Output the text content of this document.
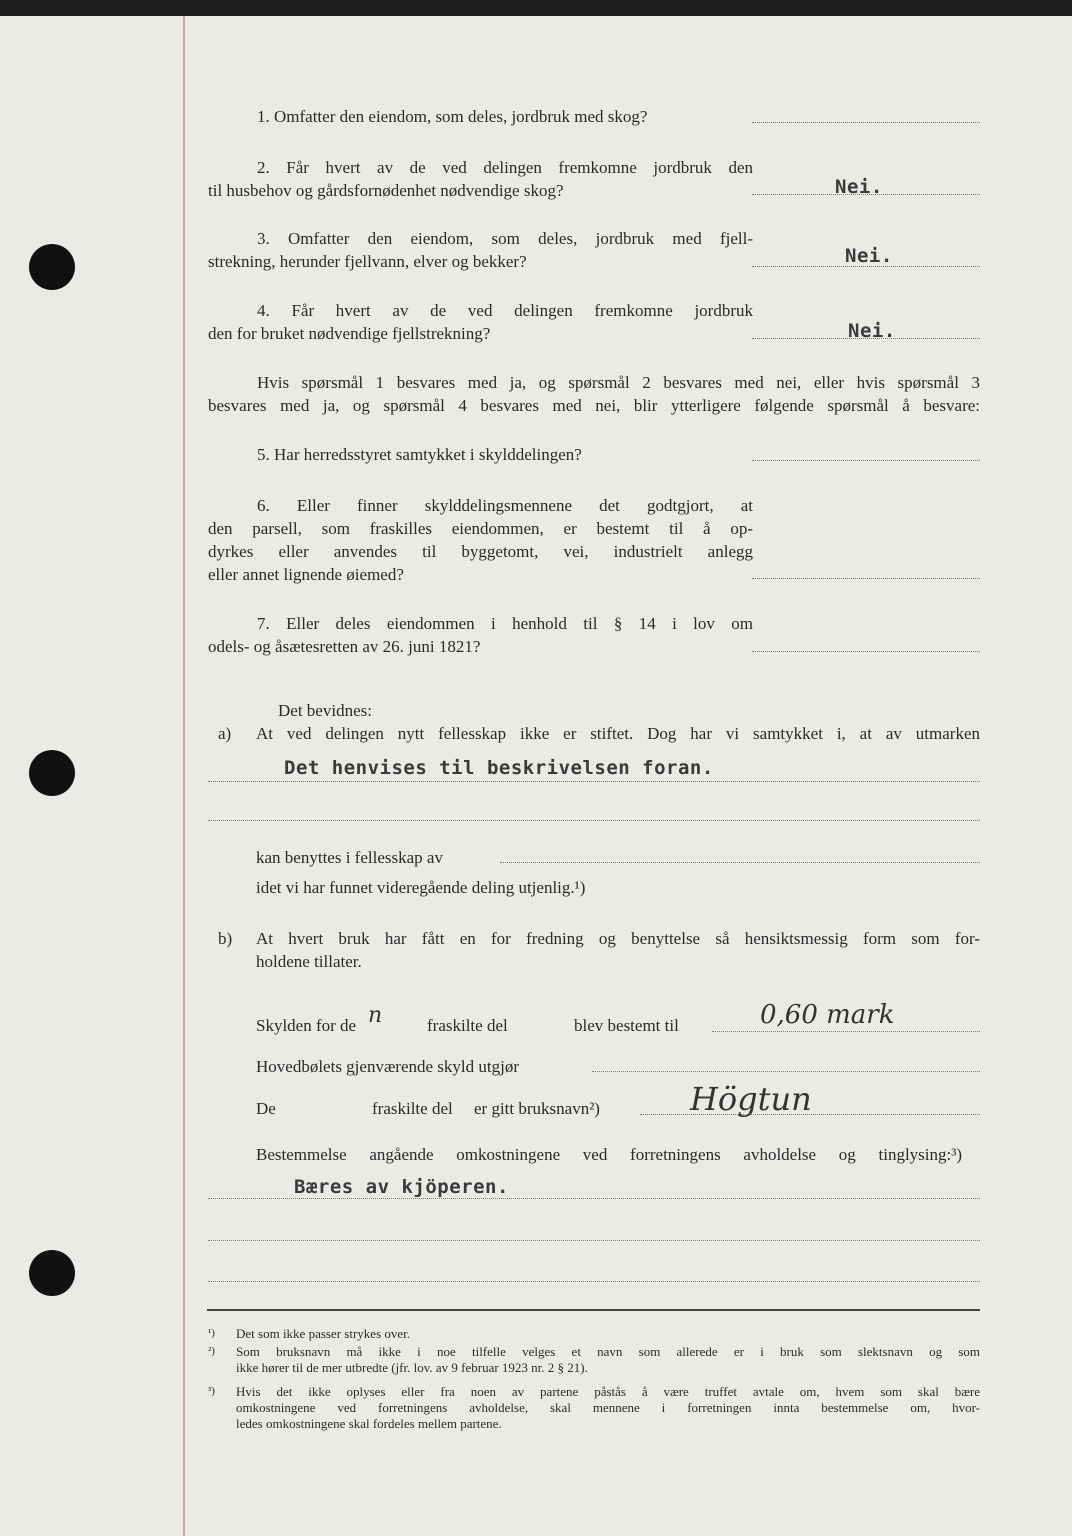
1. Omfatter den eiendom, som deles, jordbruk med skog?
2. Får hvert av de ved delingen fremkomne jordbruk den
til husbehov og gårdsfornødenhet nødvendige skog?	Nei.
3. Omfatter den eiendom, som deles, jordbruk med fjell-
strekning, herunder fjellvann, elver og bekker?	Nei.
4. Får hvert av de ved delingen fremkomne jordbruk
den for bruket nødvendige fjellstrekning?	Nei.
Hvis spørsmål 1 besvares med ja, og spørsmål 2 besvares med nei, eller hvis spørsmål 3
besvares med ja, og spørsmål 4 besvares med nei, blir ytterligere følgende spørsmål å besvare:
5. Har herredsstyret samtykket i skylddelingen?
6. Eller finner skylddelingsmennene det godtgjort, at
den parsell, som fraskilles eiendommen, er bestemt til å op-
dyrkes eller anvendes til byggetomt, vei, industrielt anlegg
eller annet lignende øiemed?
7. Eller deles eiendommen i henhold til § 14 i lov om
odels- og åsætesretten av 26. juni 1821?
Det bevidnes:
a) At ved delingen nytt fellesskap ikke er stiftet. Dog har vi samtykket i, at av utmarken
Det henvises til beskrivelsen foran.
kan benyttes i fellesskap av
idet vi har funnet videregående deling utjenlig.¹)
b) At hvert bruk har fått en for fredning og benyttelse så hensiktsmessig form som for-
holdene tillater.
Skylden for de n	fraskilte del	blev bestemt til	0,60 mark
Hovedbølets gjenværende skyld utgjør
De	fraskilte del er gitt bruksnavn²)	Högtun
Bestemmelse angående omkostningene ved forretningens avholdelse og tinglysing:³)
Bæres av kjöperen.
¹) Det som ikke passer strykes over.
²) Som bruksnavn må ikke i noe tilfelle velges et navn som allerede er i bruk som slektsnavn og som
ikke hører til de mer utbredte (jfr. lov. av 9 februar 1923 nr. 2 § 21).
³) Hvis det ikke oplyses eller fra noen av partene påstås å være truffet avtale om, hvem som skal bære
omkostningene ved forretningens avholdelse, skal mennene i forretningen innta bestemmelse om, hvor-
ledes omkostningene skal fordeles mellem partene.
